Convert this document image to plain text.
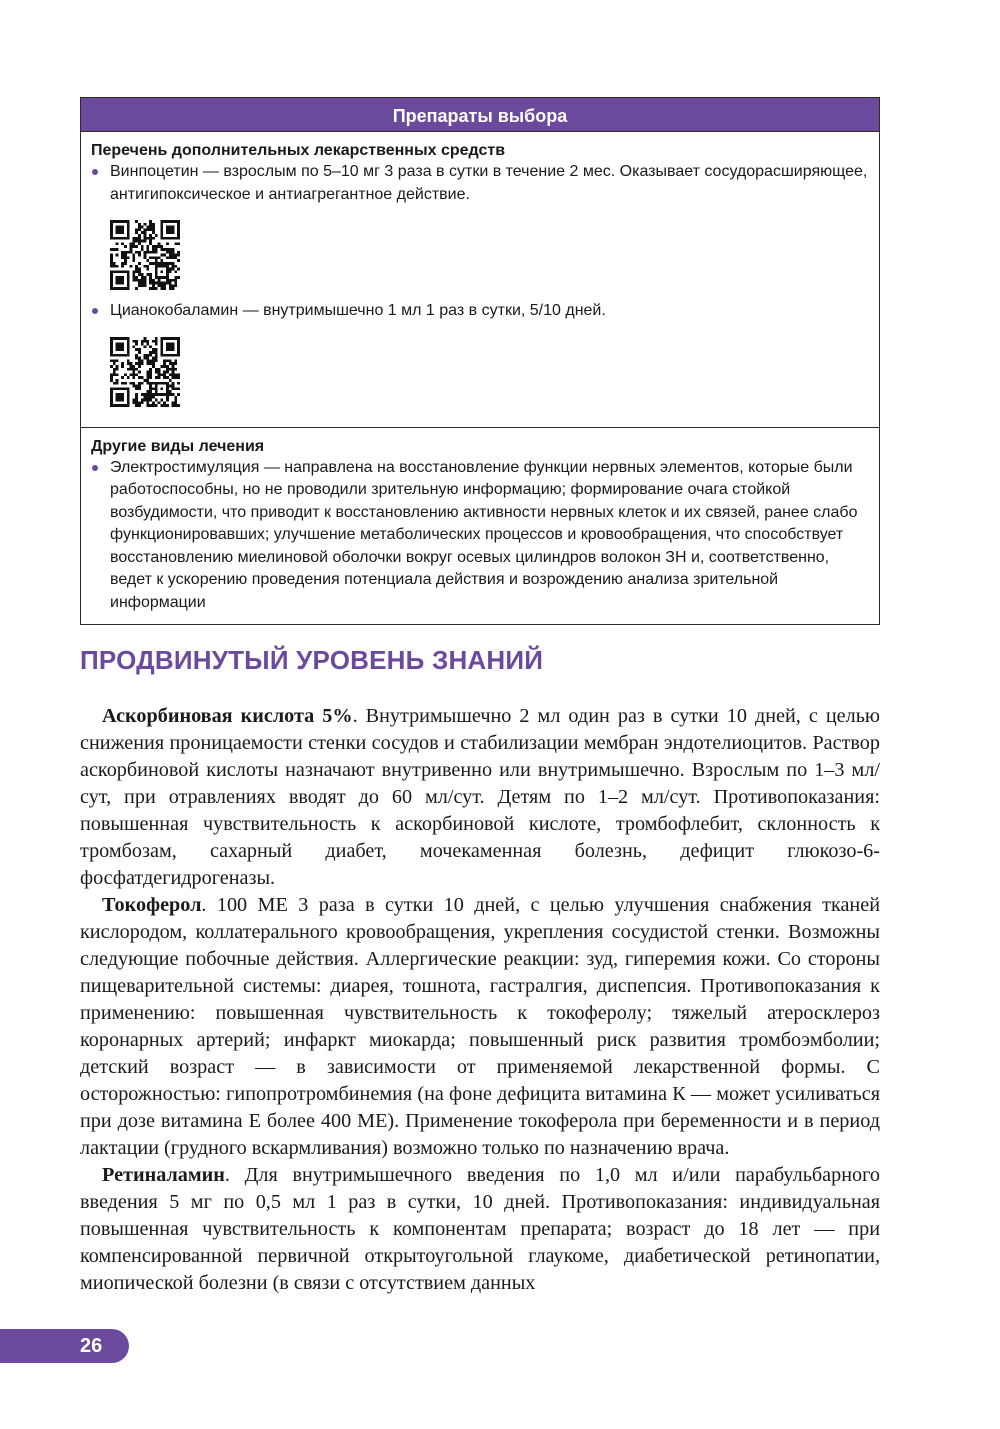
Препараты выбора
Перечень дополнительных лекарственных средств
Винпоцетин — взрослым по 5–10 мг 3 раза в сутки в течение 2 мес. Оказывает сосудорасширяющее, антигипоксическое и антиагрегантное действие.
Цианокобаламин — внутримышечно 1 мл 1 раз в сутки, 5/10 дней.
Другие виды лечения
Электростимуляция — направлена на восстановление функции нервных элементов, которые были работоспособны, но не проводили зрительную информацию; формирование очага стойкой возбудимости, что приводит к восстановлению активности нервных клеток и их связей, ранее слабо функционировавших; улучшение метаболических процессов и кровообращения, что способствует восстановлению миелиновой оболочки вокруг осевых цилиндров волокон ЗН и, соответственно, ведет к ускорению проведения потенциала действия и возрождению анализа зрительной информации
ПРОДВИНУТЫЙ УРОВЕНЬ ЗНАНИЙ

Аскорбиновая кислота 5%. Внутримышечно 2 мл один раз в сутки 10 дней, с целью снижения проницаемости стенки сосудов и стабилизации мембран эндотелиоцитов. Раствор аскорбиновой кислоты назначают внутривенно или внутримышечно. Взрослым по 1–3 мл/сут, при отравлениях вводят до 60 мл/сут. Детям по 1–2 мл/сут. Противопоказания: повышенная чувствительность к аскорбиновой кислоте, тромбофлебит, склонность к тромбозам, сахарный диабет, мочекаменная болезнь, дефицит глюкозо-6-фосфатдегидрогеназы.

Токоферол. 100 МЕ 3 раза в сутки 10 дней, с целью улучшения снабжения тканей кислородом, коллатерального кровообращения, укрепления сосудистой стенки. Возможны следующие побочные действия. Аллергические реакции: зуд, гиперемия кожи. Со стороны пищеварительной системы: диарея, тошнота, гастралгия, диспепсия. Противопоказания к применению: повышенная чувствительность к токоферолу; тяжелый атеросклероз коронарных артерий; инфаркт миокарда; повышенный риск развития тромбоэмболии; детский возраст — в зависимости от применяемой лекарственной формы. С осторожностью: гипопротромбинемия (на фоне дефицита витамина К — может усиливаться при дозе витамина Е более 400 МЕ). Применение токоферола при беременности и в период лактации (грудного вскармливания) возможно только по назначению врача.

Ретиналамин. Для внутримышечного введения по 1,0 мл и/или парабульбарного введения 5 мг по 0,5 мл 1 раз в сутки, 10 дней. Противопоказания: индивидуальная повышенная чувствительность к компонентам препарата; возраст до 18 лет — при компенсированной первичной открытоугольной глаукоме, диабетической ретинопатии, миопической болезни (в связи с отсутствием данных

26
